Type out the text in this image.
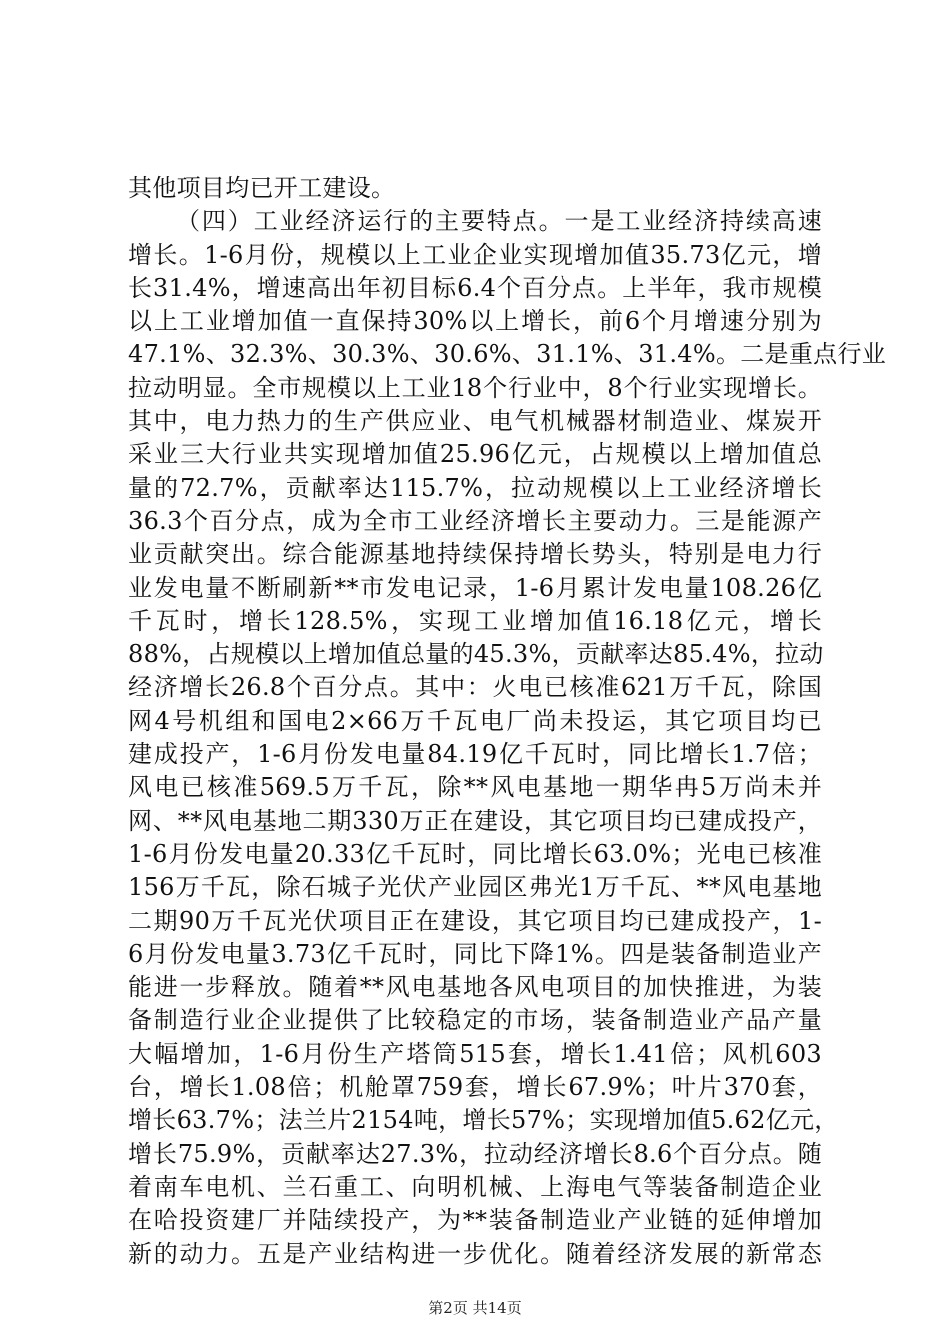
其他项目均已开工建设。
（四）工业经济运行的主要特点。一是工业经济持续高速
增长。1-6月份，规模以上工业企业实现增加值35.73亿元，增
长31.4%，增速高出年初目标6.4个百分点。上半年，我市规模
以上工业增加值一直保持30%以上增长，前6个月增速分别为
47.1%、32.3%、30.3%、30.6%、31.1%、31.4%。二是重点行业
拉动明显。全市规模以上工业18个行业中，8个行业实现增长。
其中，电力热力的生产供应业、电气机械器材制造业、煤炭开
采业三大行业共实现增加值25.96亿元，占规模以上增加值总
量的72.7%，贡献率达115.7%，拉动规模以上工业经济增长
36.3个百分点，成为全市工业经济增长主要动力。三是能源产
业贡献突出。综合能源基地持续保持增长势头，特别是电力行
业发电量不断刷新**市发电记录，1-6月累计发电量108.26亿
千瓦时，增长128.5%，实现工业增加值16.18亿元，增长
88%，占规模以上增加值总量的45.3%，贡献率达85.4%，拉动
经济增长26.8个百分点。其中：火电已核准621万千瓦，除国
网4号机组和国电2×66万千瓦电厂尚未投运，其它项目均已
建成投产，1-6月份发电量84.19亿千瓦时，同比增长1.7倍；
风电已核准569.5万千瓦，除**风电基地一期华冉5万尚未并
网、**风电基地二期330万正在建设，其它项目均已建成投产，
1-6月份发电量20.33亿千瓦时，同比增长63.0%；光电已核准
156万千瓦，除石城子光伏产业园区弗光1万千瓦、**风电基地
二期90万千瓦光伏项目正在建设，其它项目均已建成投产，1-
6月份发电量3.73亿千瓦时，同比下降1%。四是装备制造业产
能进一步释放。随着**风电基地各风电项目的加快推进，为装
备制造行业企业提供了比较稳定的市场，装备制造业产品产量
大幅增加，1-6月份生产塔筒515套，增长1.41倍；风机603
台，增长1.08倍；机舱罩759套，增长67.9%；叶片370套，
增长63.7%；法兰片2154吨，增长57%；实现增加值5.62亿元，
增长75.9%，贡献率达27.3%，拉动经济增长8.6个百分点。随
着南车电机、兰石重工、向明机械、上海电气等装备制造企业
在哈投资建厂并陆续投产，为**装备制造业产业链的延伸增加
新的动力。五是产业结构进一步优化。随着经济发展的新常态
第2页 共14页
